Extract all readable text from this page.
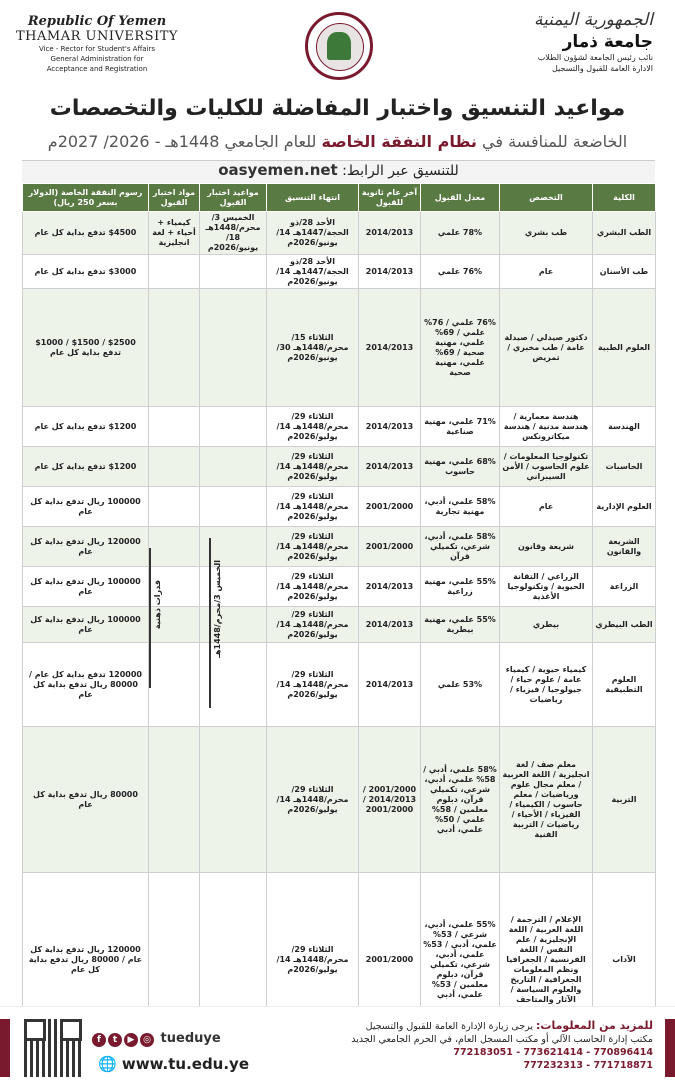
الجمهورية اليمنية
جامعة ذمار
نائب رئيس الجامعة لشؤون الطلاب
الادارة العامة للقبول والتسجيل
Republic Of Yemen
THAMAR UNIVERSITY
Vice - Rector for Student's Affairs
General Administration for
Acceptance and Registration
مواعيد التنسيق واختبار المفاضلة للكليات والتخصصات
الخاضعة للمنافسة في نظام النفقة الخاصة للعام الجامعي 1448هـ - 2026/ 2027م
للتنسيق عبر الرابط: oasyemen.net
الكلية	التخصص	معدل القبول	آخر عام ثانوية للقبول	انتهاء التنسيق	مواعيد اختبار القبول	مواد اختبار القبول	رسوم النفقة الخاصة (الدولار بسعر 250 ريال)
الطب البشري	طب بشري	78% علمي	2014/2013	الأحد 28/ذو الحجة/1447هـ 14/يونيو/2026م	الخميس 3/محرم/1448هـ 18/يونيو/2026م	كيمياء + أحياء + لغة انجليزية	$4500 تدفع بداية كل عام
طب الأسنان	عام	76% علمي	2014/2013	الأحد 28/ذو الحجة/1447هـ 14/يونيو/2026م			$3000 تدفع بداية كل عام
العلوم الطبية	دكتور صيدلي / صيدلة عامة / طب مخبري / تمريض	76% علمي / 76% علمي / 69% علمي، مهنية صحية / 69% علمي، مهنية صحية	2014/2013	الثلاثاء 15/محرم/1448هـ 30/يونيو/2026م			$2500 / $1500 / $1000 تدفع بداية كل عام
الهندسة	هندسة معمارية / هندسة مدنية / هندسة ميكاترونكس	71% علمي، مهنية صناعية	2014/2013	الثلاثاء 29/محرم/1448هـ 14/يوليو/2026م			$1200 تدفع بداية كل عام
الحاسبات	تكنولوجيا المعلومات / علوم الحاسوب / الأمن السيبراني	68% علمي، مهنية حاسوب	2014/2013	الثلاثاء 29/محرم/1448هـ 14/يوليو/2026م			$1200 تدفع بداية كل عام
العلوم الإدارية	عام	58% علمي، أدبي، مهنية تجارية	2001/2000	الثلاثاء 29/محرم/1448هـ 14/يوليو/2026م			100000 ريال تدفع بداية كل عام
الشريعة والقانون	شريعة وقانون	58% علمي، أدبي، شرعي، تكميلي قرآن	2001/2000	الثلاثاء 29/محرم/1448هـ 14/يوليو/2026م			120000 ريال تدفع بداية كل عام
الزراعة	الزراعي / التقانة الحيوية / وتكنولوجيا الأغذية	55% علمي، مهنية زراعية	2014/2013	الثلاثاء 29/محرم/1448هـ 14/يوليو/2026م			100000 ريال تدفع بداية كل عام
الطب البيطري	بيطري	55% علمي، مهنية بيطرية	2014/2013	الثلاثاء 29/محرم/1448هـ 14/يوليو/2026م			100000 ريال تدفع بداية كل عام
العلوم التطبيقية	كيمياء حيوية / كيمياء عامة / علوم حياء / جيولوجيا / فيزياء / رياضيات	53% علمي	2014/2013	الثلاثاء 29/محرم/1448هـ 14/يوليو/2026م			120000 تدفع بداية كل عام / 80000 ريال تدفع بداية كل عام
التربية	معلم صف / لغة انجليزية / اللغة العربية / معلم مجال علوم ورياضيات / معلم حاسوب / الكيمياء / الفيزياء / الأحياء / رياضيات / التربية الفنية	58% علمي، أدبي / 58% علمي، أدبي، شرعي، تكميلي قرآن، دبلوم معلمين / 58% علمي / 50% علمي، أدبي	2001/2000 / 2014/2013 / 2001/2000	الثلاثاء 29/محرم/1448هـ 14/يوليو/2026م			80000 ريال تدفع بداية كل عام
الآداب	الإعلام / الترجمة / اللغة العربية / اللغة الإنجليزية / علم النفس / اللغة الفرنسية / الجغرافيا ونظم المعلومات الجغرافية / التاريخ والعلوم السياسة / الآثار والمتاحف	55% علمي، أدبي، شرعي / 53% علمي، أدبي / 53% علمي، أدبي، شرعي، تكميلي قرآن، دبلوم معلمين / 53% علمي، أدبي	2001/2000	الثلاثاء 29/محرم/1448هـ 14/يوليو/2026م			120000 ريال تدفع بداية كل عام / 80000 ريال تدفع بداية كل عام
الخميس 3/محرم/1448هـ
قدرات ذهنية
f t ▶ ◎ tueduye
🌐 www.tu.edu.ye
للمزيد من المعلومات: يرجى زيارة الإدارة العامة للقبول والتسجيل
مكتب إدارة الحاسب الآلي أو مكتب المسجل العام، في الحرم الجامعي الجديد
772183051 - 773621414 - 770896414
777232313 - 771718871
